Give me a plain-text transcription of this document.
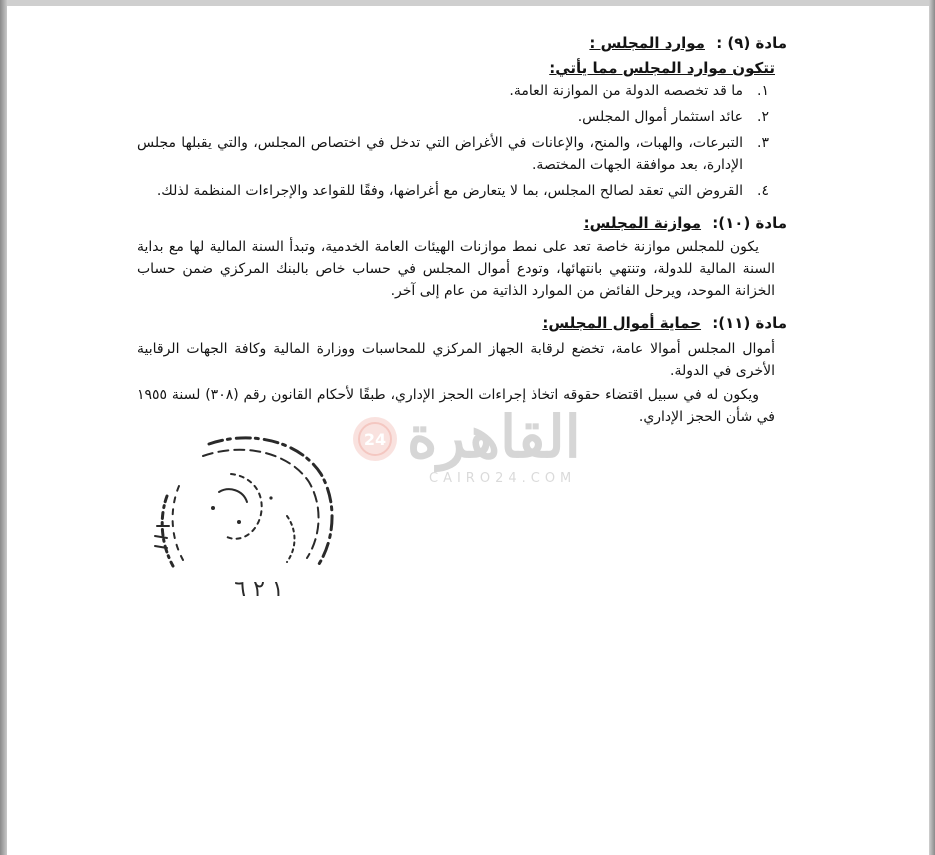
مادة (٩) : موارد المجلس :
تتكون موارد المجلس مما يأتي:
١.
ما قد تخصصه الدولة من الموازنة العامة.
٢.
عائد استثمار أموال المجلس.
٣.
التبرعات، والهبات، والمنح، والإعانات في الأغراض التي تدخل في اختصاص المجلس، والتي يقبلها مجلس الإدارة، بعد موافقة الجهات المختصة.
٤.
القروض التي تعقد لصالح المجلس، بما لا يتعارض مع أغراضها، وفقًا للقواعد والإجراءات المنظمة لذلك.
مادة (١٠): موازنة المجلس:

يكون للمجلس موازنة خاصة تعد على نمط موازنات الهيئات العامة الخدمية، وتبدأ السنة المالية لها مع بداية السنة المالية للدولة، وتنتهي بانتهائها، وتودع أموال المجلس في حساب خاص بالبنك المركزي ضمن حساب الخزانة الموحد، ويرحل الفائض من الموارد الذاتية من عام إلى آخر.

مادة (١١): حماية أموال المجلس:

أموال المجلس أموالا عامة، تخضع لرقابة الجهاز المركزي للمحاسبات ووزارة المالية وكافة الجهات الرقابية الأخرى في الدولة.

ويكون له في سبيل اقتضاء حقوقه اتخاذ إجراءات الحجز الإداري، طبقًا لأحكام القانون رقم (٣٠٨) لسنة ١٩٥٥ في شأن الحجز الإداري.

القاهرة
24
CAIRO24.COM
١ ٢ ٦
